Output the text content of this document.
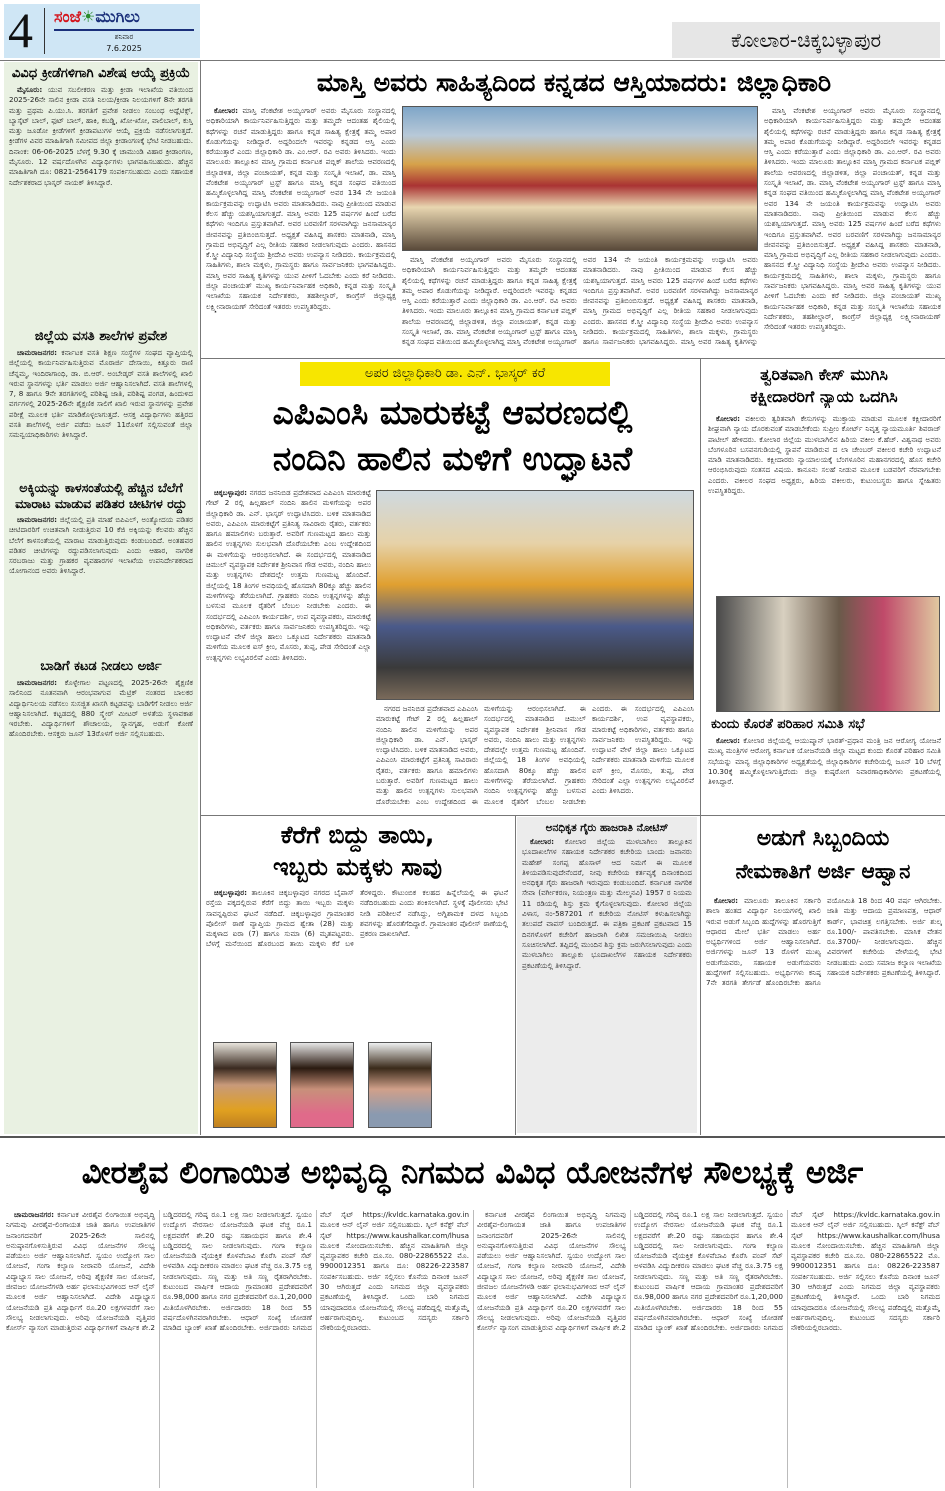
4	ಸಂಜೆ☀ಮುಗಿಲು
ಶನಿವಾರ
7.6.2025	ಕೋಲಾರ-ಚಿಕ್ಕಬಳ್ಳಾಪುರ
ವಿವಿಧ ಕ್ರೀಡೆಗಳಿಗಾಗಿ ವಿಶೇಷ ಆಯ್ಕೆ ಪ್ರಕ್ರಿಯೆ

ಮೈಸೂರು: ಯುವ ಸಬಲೀಕರಣ ಮತ್ತು ಕ್ರೀಡಾ ಇಲಾಖೆಯ ವತಿಯಿಂದ 2025-26ನೇ ಸಾಲಿನ ಕ್ರೀಡಾ ವಸತಿ ನಿಲಯ/ಕ್ರೀಡಾ ನಿಲಯಗಳಿಗೆ 8ನೇ ತರಗತಿ ಮತ್ತು ಪ್ರಥಮ ಪಿ.ಯು.ಸಿ. ತರಗತಿಗೆ ಪ್ರವೇಶ ನೀಡಲು ಸಂಬಂಧ ಅಥ್ಲೆಟಿಕ್ಸ್, ಬ್ಯಾಸ್ಕೆಟ್ ಬಾಲ್, ಫುಟ್ ಬಾಲ್, ಹಾಕಿ, ಕಬಡ್ಡಿ, ಖೋ-ಖೋ, ವಾಲಿಬಾಲ್, ಕುಸ್ತಿ ಮತ್ತು ಜೂಡೋ ಕ್ರೀಡೆಗಳಿಗೆ ಕ್ರೀಡಾಪಟುಗಳ ಆಯ್ಕೆ ಪ್ರಕ್ರಿಯೆ ನಡೆಸಲಾಗುತ್ತದೆ. ಕ್ರೀಡೆಗಳ ವಿವರ ಮಾಹಿತಿಗಾಗಿ ಸಮೀಪದ ಜಿಲ್ಲಾ ಕ್ರೀಡಾಂಗಣಕ್ಕೆ ಭೇಟಿ ನೀಡಬಹುದು. ದಿನಾಂಕ: 06-06-2025 ಬೆಳಗ್ಗೆ 9.30 ಕ್ಕೆ ಚಾಮುಂಡಿ ವಿಹಾರ ಕ್ರೀಡಾಂಗಣ, ಮೈಸೂರು. 12 ವರ್ಷದೊಳಗಿನ ವಿದ್ಯಾರ್ಥಿಗಳು ಭಾಗವಹಿಸಬಹುದು. ಹೆಚ್ಚಿನ ಮಾಹಿತಿಗಾಗಿ ದೂ: 0821-2564179 ಸಂಪರ್ಕಿಸಬಹುದು ಎಂದು ಸಹಾಯಕ ನಿರ್ದೇಶಕರಾದ ಭಾಸ್ಕರ್ ನಾಯಕ್ ತಿಳಿಸಿದ್ದಾರೆ.

ಜಿಲ್ಲೆಯ ವಸತಿ ಶಾಲೆಗಳ ಪ್ರವೇಶ

ಚಾಮರಾಜನಗರ: ಕರ್ನಾಟಕ ವಸತಿ ಶಿಕ್ಷಣ ಸಂಸ್ಥೆಗಳ ಸಂಘದ ವ್ಯಾಪ್ತಿಯಲ್ಲಿ ಜಿಲ್ಲೆಯಲ್ಲಿ ಕಾರ್ಯನಿರ್ವಹಿಸುತ್ತಿರುವ ಮೊರಾರ್ಜಿ ದೇಸಾಯಿ, ಕಿತ್ತೂರು ರಾಣಿ ಚೆನ್ನಮ್ಮ, ಇಂದಿರಾಗಾಂಧಿ, ಡಾ. ಬಿ.ಆರ್. ಅಂಬೇಡ್ಕರ್ ವಸತಿ ಶಾಲೆಗಳಲ್ಲಿ ಖಾಲಿ ಇರುವ ಸ್ಥಾನಗಳನ್ನು ಭರ್ತಿ ಮಾಡಲು ಅರ್ಜಿ ಆಹ್ವಾನಿಸಲಾಗಿದೆ. ವಸತಿ ಶಾಲೆಗಳಲ್ಲಿ 7, 8 ಹಾಗೂ 9ನೇ ತರಗತಿಗಳಲ್ಲಿ ಪರಿಶಿಷ್ಟ ಜಾತಿ, ಪರಿಶಿಷ್ಟ ಪಂಗಡ, ಹಿಂದುಳಿದ ವರ್ಗಗಳಲ್ಲಿ 2025-26ನೇ ಶೈಕ್ಷಣಿಕ ಸಾಲಿಗೆ ಖಾಲಿ ಇರುವ ಸ್ಥಾನಗಳನ್ನು ಪ್ರವೇಶ ಪರೀಕ್ಷೆ ಮೂಲಕ ಭರ್ತಿ ಮಾಡಿಕೊಳ್ಳಲಾಗುತ್ತದೆ. ಆಸಕ್ತ ವಿದ್ಯಾರ್ಥಿಗಳು ಹತ್ತಿರದ ವಸತಿ ಶಾಲೆಗಳಲ್ಲಿ ಅರ್ಜಿ ಪಡೆದು ಜೂನ್ 11ರೊಳಗೆ ಸಲ್ಲಿಸುವಂತೆ ಜಿಲ್ಲಾ ಸಮನ್ವಯಾಧಿಕಾರಿಗಳು ತಿಳಿಸಿದ್ದಾರೆ.

ಅಕ್ಕಿಯನ್ನು ಕಾಳಸಂತೆಯಲ್ಲಿ ಹೆಚ್ಚಿನ ಬೆಲೆಗೆ ಮಾರಾಟ ಮಾಡುವ ಪಡಿತರ ಚೀಟಿಗಳ ರದ್ದು

ಚಾಮರಾಜನಗರ: ಜಿಲ್ಲೆಯಲ್ಲಿ ಪ್ರತಿ ಮಾಹೆ ಬಿಪಿಎಲ್, ಅಂತ್ಯೋದಯ ಪಡಿತರ ಚೀಟಿದಾರರಿಗೆ ಉಚಿತವಾಗಿ ನೀಡುತ್ತಿರುವ 10 ಕೆಜಿ ಅಕ್ಕಿಯನ್ನು ಕೆಲವರು ಹೆಚ್ಚಿನ ಬೆಲೆಗೆ ಕಾಳಸಂತೆಯಲ್ಲಿ ಮಾರಾಟ ಮಾಡುತ್ತಿರುವುದು ಕಂಡುಬಂದಿದೆ. ಅಂತಹವರ ಪಡಿತರ ಚೀಟಿಗಳನ್ನು ರದ್ದುಪಡಿಸಲಾಗುವುದು ಎಂದು ಆಹಾರ, ನಾಗರಿಕ ಸರಬರಾಜು ಮತ್ತು ಗ್ರಾಹಕರ ವ್ಯವಹಾರಗಳ ಇಲಾಖೆಯ ಉಪನಿರ್ದೇಶಕರಾದ ಯೋಗಾನಂದ ಅವರು ತಿಳಿಸಿದ್ದಾರೆ.

ಬಾಡಿಗೆ ಕಟಡ ನೀಡಲು ಅರ್ಜಿ

ಚಾಮರಾಜನಗರ: ಕೊಳ್ಳೇಗಾಲ ಪಟ್ಟಣದಲ್ಲಿ 2025-26ನೇ ಶೈಕ್ಷಣಿಕ ಸಾಲಿನಿಂದ ನೂತನವಾಗಿ ಆರಂಭವಾಗುವ ಮೆಟ್ರಿಕ್ ನಂತರದ ಬಾಲಕರ ವಿದ್ಯಾರ್ಥಿನಿಲಯ ನಡೆಸಲು ಸುಸಜ್ಜಿತ ಖಾಸಗಿ ಕಟ್ಟಡವನ್ನು ಬಾಡಿಗೆಗೆ ನೀಡಲು ಅರ್ಜಿ ಆಹ್ವಾನಿಸಲಾಗಿದೆ. ಕಟ್ಟಡದಲ್ಲಿ 880 ಸ್ಕ್ವೇರ್ ಮೀಟರ್ ಅಳತೆಯ ಸ್ಥಳಾವಕಾಶ ಇರಬೇಕು. ವಿದ್ಯಾರ್ಥಿಗಳಿಗೆ ಶೌಚಾಲಯ, ಸ್ನಾನಗೃಹ, ಅಡುಗೆ ಕೋಣೆ ಹೊಂದಿರಬೇಕು. ಆಸಕ್ತರು ಜೂನ್ 13ರೊಳಗೆ ಅರ್ಜಿ ಸಲ್ಲಿಸಬಹುದು.

ಮಾಸ್ತಿ ಅವರು ಸಾಹಿತ್ಯದಿಂದ ಕನ್ನಡದ ಆಸ್ತಿಯಾದರು: ಜಿಲ್ಲಾಧಿಕಾರಿ

ಕೋಲಾರ: ಮಾಸ್ತಿ ವೆಂಕಟೇಶ ಅಯ್ಯಂಗಾರ್ ಅವರು ಮೈಸೂರು ಸಂಸ್ಥಾನದಲ್ಲಿ ಅಧಿಕಾರಿಯಾಗಿ ಕಾರ್ಯನಿರ್ವಹಿಸುತ್ತಿದ್ದರು ಮತ್ತು ತಮ್ಮದೇ ಆದಂತಹ ಶೈಲಿಯಲ್ಲಿ ಕಥೆಗಳನ್ನು ರಚನೆ ಮಾಡುತ್ತಿದ್ದರು ಹಾಗೂ ಕನ್ನಡ ಸಾಹಿತ್ಯ ಕ್ಷೇತ್ರಕ್ಕೆ ತಮ್ಮ ಅಪಾರ ಕೊಡುಗೆಯನ್ನು ನೀಡಿದ್ದಾರೆ. ಅದ್ದರಿಂದಲೇ ಇವರನ್ನು ಕನ್ನಡದ ಆಸ್ತಿ ಎಂದು ಕರೆಯುತ್ತಾರೆ ಎಂದು ಜಿಲ್ಲಾಧಿಕಾರಿ ಡಾ. ಎಂ.ಆರ್. ರವಿ ಅವರು ತಿಳಿಸಿದರು. ಇಂದು ಮಾಲೂರು ತಾಲ್ಲೂಕಿನ ಮಾಸ್ತಿ ಗ್ರಾಮದ ಕರ್ನಾಟಕ ಪಬ್ಲಿಕ್ ಶಾಲೆಯ ಆವರಣದಲ್ಲಿ ಜಿಲ್ಲಾಡಳಿತ, ಜಿಲ್ಲಾ ಪಂಚಾಯತ್, ಕನ್ನಡ ಮತ್ತು ಸಂಸ್ಕೃತಿ ಇಲಾಖೆ, ಡಾ. ಮಾಸ್ತಿ ವೆಂಕಟೇಶ ಅಯ್ಯಂಗಾರ್ ಟ್ರಸ್ಟ್ ಹಾಗೂ ಮಾಸ್ತಿ ಕನ್ನಡ ಸಂಘದ ವತಿಯಿಂದ ಹಮ್ಮಿಕೊಳ್ಳಲಾಗಿದ್ದ ಮಾಸ್ತಿ ವೆಂಕಟೇಶ ಅಯ್ಯಂಗಾರ್ ಅವರ 134 ನೇ ಜಯಂತಿ ಕಾರ್ಯಕ್ರಮವನ್ನು ಉದ್ಘಾಟಿಸಿ ಅವರು ಮಾತನಾಡಿದರು. ನಾವು ಪ್ರೀತಿಯಿಂದ ಮಾಡುವ ಕೆಲಸ ಹೆಚ್ಚು ಯಶಸ್ವಿಯಾಗುತ್ತದೆ. ಮಾಸ್ತಿ ಅವರು 125 ವರ್ಷಗಳ ಹಿಂದೆ ಬರೆದ ಕಥೆಗಳು ಇಂದಿಗೂ ಪ್ರಸ್ತುತವಾಗಿವೆ. ಅವರ ಬರವಣಿಗೆ ಸರಳವಾಗಿದ್ದು ಜನಸಾಮಾನ್ಯರ ಜೀವನವನ್ನು ಪ್ರತಿಬಿಂಬಿಸುತ್ತದೆ. ಅಧ್ಯಕ್ಷತೆ ವಹಿಸಿದ್ದ ಶಾಸಕರು ಮಾತನಾಡಿ, ಮಾಸ್ತಿ ಗ್ರಾಮದ ಅಭಿವೃದ್ಧಿಗೆ ಎಲ್ಲ ರೀತಿಯ ಸಹಕಾರ ನೀಡಲಾಗುವುದು ಎಂದರು. ಹಾಸನದ ಕೆ.ಸ್ತ್ರೀ ವಿದ್ಯಾನಿಧಿ ಸಂಸ್ಥೆಯ ಶ್ರೀದೇವಿ ಅವರು ಉಪನ್ಯಾಸ ನೀಡಿದರು. ಕಾರ್ಯಕ್ರಮದಲ್ಲಿ ಸಾಹಿತಿಗಳು, ಶಾಲಾ ಮಕ್ಕಳು, ಗ್ರಾಮಸ್ಥರು ಹಾಗೂ ಸಾರ್ವಜನಿಕರು ಭಾಗವಹಿಸಿದ್ದರು. ಮಾಸ್ತಿ ಅವರ ಸಾಹಿತ್ಯ ಕೃತಿಗಳನ್ನು ಯುವ ಪೀಳಿಗೆ ಓದಬೇಕು ಎಂದು ಕರೆ ನೀಡಿದರು. ಜಿಲ್ಲಾ ಪಂಚಾಯತ್ ಮುಖ್ಯ ಕಾರ್ಯನಿರ್ವಾಹಕ ಅಧಿಕಾರಿ, ಕನ್ನಡ ಮತ್ತು ಸಂಸ್ಕೃತಿ ಇಲಾಖೆಯ ಸಹಾಯಕ ನಿರ್ದೇಶಕರು, ತಹಶೀಲ್ದಾರ್, ಕಾಂಗ್ರೆಸ್ ಜಿಲ್ಲಾಧ್ಯಕ್ಷ ಲಕ್ಷ್ಮೀನಾರಾಯಣ್ ಸೇರಿದಂತೆ ಇತರರು ಉಪಸ್ಥಿತರಿದ್ದರು.

ಮಾಸ್ತಿ ವೆಂಕಟೇಶ ಅಯ್ಯಂಗಾರ್ ಅವರು ಮೈಸೂರು ಸಂಸ್ಥಾನದಲ್ಲಿ ಅಧಿಕಾರಿಯಾಗಿ ಕಾರ್ಯನಿರ್ವಹಿಸುತ್ತಿದ್ದರು ಮತ್ತು ತಮ್ಮದೇ ಆದಂತಹ ಶೈಲಿಯಲ್ಲಿ ಕಥೆಗಳನ್ನು ರಚನೆ ಮಾಡುತ್ತಿದ್ದರು ಹಾಗೂ ಕನ್ನಡ ಸಾಹಿತ್ಯ ಕ್ಷೇತ್ರಕ್ಕೆ ತಮ್ಮ ಅಪಾರ ಕೊಡುಗೆಯನ್ನು ನೀಡಿದ್ದಾರೆ. ಅದ್ದರಿಂದಲೇ ಇವರನ್ನು ಕನ್ನಡದ ಆಸ್ತಿ ಎಂದು ಕರೆಯುತ್ತಾರೆ ಎಂದು ಜಿಲ್ಲಾಧಿಕಾರಿ ಡಾ. ಎಂ.ಆರ್. ರವಿ ಅವರು ತಿಳಿಸಿದರು. ಇಂದು ಮಾಲೂರು ತಾಲ್ಲೂಕಿನ ಮಾಸ್ತಿ ಗ್ರಾಮದ ಕರ್ನಾಟಕ ಪಬ್ಲಿಕ್ ಶಾಲೆಯ ಆವರಣದಲ್ಲಿ ಜಿಲ್ಲಾಡಳಿತ, ಜಿಲ್ಲಾ ಪಂಚಾಯತ್, ಕನ್ನಡ ಮತ್ತು ಸಂಸ್ಕೃತಿ ಇಲಾಖೆ, ಡಾ. ಮಾಸ್ತಿ ವೆಂಕಟೇಶ ಅಯ್ಯಂಗಾರ್ ಟ್ರಸ್ಟ್ ಹಾಗೂ ಮಾಸ್ತಿ ಕನ್ನಡ ಸಂಘದ ವತಿಯಿಂದ ಹಮ್ಮಿಕೊಳ್ಳಲಾಗಿದ್ದ ಮಾಸ್ತಿ ವೆಂಕಟೇಶ ಅಯ್ಯಂಗಾರ್ ಅವರ 134 ನೇ ಜಯಂತಿ ಕಾರ್ಯಕ್ರಮವನ್ನು ಉದ್ಘಾಟಿಸಿ ಅವರು ಮಾತನಾಡಿದರು. ನಾವು ಪ್ರೀತಿಯಿಂದ ಮಾಡುವ ಕೆಲಸ ಹೆಚ್ಚು ಯಶಸ್ವಿಯಾಗುತ್ತದೆ. ಮಾಸ್ತಿ ಅವರು 125 ವರ್ಷಗಳ ಹಿಂದೆ ಬರೆದ ಕಥೆಗಳು ಇಂದಿಗೂ ಪ್ರಸ್ತುತವಾಗಿವೆ. ಅವರ ಬರವಣಿಗೆ ಸರಳವಾಗಿದ್ದು ಜನಸಾಮಾನ್ಯರ ಜೀವನವನ್ನು ಪ್ರತಿಬಿಂಬಿಸುತ್ತದೆ. ಅಧ್ಯಕ್ಷತೆ ವಹಿಸಿದ್ದ ಶಾಸಕರು ಮಾತನಾಡಿ, ಮಾಸ್ತಿ ಗ್ರಾಮದ ಅಭಿವೃದ್ಧಿಗೆ ಎಲ್ಲ ರೀತಿಯ ಸಹಕಾರ ನೀಡಲಾಗುವುದು ಎಂದರು. ಹಾಸನದ ಕೆ.ಸ್ತ್ರೀ ವಿದ್ಯಾನಿಧಿ ಸಂಸ್ಥೆಯ ಶ್ರೀದೇವಿ ಅವರು ಉಪನ್ಯಾಸ ನೀಡಿದರು. ಕಾರ್ಯಕ್ರಮದಲ್ಲಿ ಸಾಹಿತಿಗಳು, ಶಾಲಾ ಮಕ್ಕಳು, ಗ್ರಾಮಸ್ಥರು ಹಾಗೂ ಸಾರ್ವಜನಿಕರು ಭಾಗವಹಿಸಿದ್ದರು. ಮಾಸ್ತಿ ಅವರ ಸಾಹಿತ್ಯ ಕೃತಿಗಳನ್ನು

ಮಾಸ್ತಿ ವೆಂಕಟೇಶ ಅಯ್ಯಂಗಾರ್ ಅವರು ಮೈಸೂರು ಸಂಸ್ಥಾನದಲ್ಲಿ ಅಧಿಕಾರಿಯಾಗಿ ಕಾರ್ಯನಿರ್ವಹಿಸುತ್ತಿದ್ದರು ಮತ್ತು ತಮ್ಮದೇ ಆದಂತಹ ಶೈಲಿಯಲ್ಲಿ ಕಥೆಗಳನ್ನು ರಚನೆ ಮಾಡುತ್ತಿದ್ದರು ಹಾಗೂ ಕನ್ನಡ ಸಾಹಿತ್ಯ ಕ್ಷೇತ್ರಕ್ಕೆ ತಮ್ಮ ಅಪಾರ ಕೊಡುಗೆಯನ್ನು ನೀಡಿದ್ದಾರೆ. ಅದ್ದರಿಂದಲೇ ಇವರನ್ನು ಕನ್ನಡದ ಆಸ್ತಿ ಎಂದು ಕರೆಯುತ್ತಾರೆ ಎಂದು ಜಿಲ್ಲಾಧಿಕಾರಿ ಡಾ. ಎಂ.ಆರ್. ರವಿ ಅವರು ತಿಳಿಸಿದರು. ಇಂದು ಮಾಲೂರು ತಾಲ್ಲೂಕಿನ ಮಾಸ್ತಿ ಗ್ರಾಮದ ಕರ್ನಾಟಕ ಪಬ್ಲಿಕ್ ಶಾಲೆಯ ಆವರಣದಲ್ಲಿ ಜಿಲ್ಲಾಡಳಿತ, ಜಿಲ್ಲಾ ಪಂಚಾಯತ್, ಕನ್ನಡ ಮತ್ತು ಸಂಸ್ಕೃತಿ ಇಲಾಖೆ, ಡಾ. ಮಾಸ್ತಿ ವೆಂಕಟೇಶ ಅಯ್ಯಂಗಾರ್ ಟ್ರಸ್ಟ್ ಹಾಗೂ ಮಾಸ್ತಿ ಕನ್ನಡ ಸಂಘದ ವತಿಯಿಂದ ಹಮ್ಮಿಕೊಳ್ಳಲಾಗಿದ್ದ ಮಾಸ್ತಿ ವೆಂಕಟೇಶ ಅಯ್ಯಂಗಾರ್ ಅವರ 134 ನೇ ಜಯಂತಿ ಕಾರ್ಯಕ್ರಮವನ್ನು ಉದ್ಘಾಟಿಸಿ ಅವರು ಮಾತನಾಡಿದರು. ನಾವು ಪ್ರೀತಿಯಿಂದ ಮಾಡುವ ಕೆಲಸ ಹೆಚ್ಚು ಯಶಸ್ವಿಯಾಗುತ್ತದೆ. ಮಾಸ್ತಿ ಅವರು 125 ವರ್ಷಗಳ ಹಿಂದೆ ಬರೆದ ಕಥೆಗಳು ಇಂದಿಗೂ ಪ್ರಸ್ತುತವಾಗಿವೆ. ಅವರ ಬರವಣಿಗೆ ಸರಳವಾಗಿದ್ದು ಜನಸಾಮಾನ್ಯರ ಜೀವನವನ್ನು ಪ್ರತಿಬಿಂಬಿಸುತ್ತದೆ. ಅಧ್ಯಕ್ಷತೆ ವಹಿಸಿದ್ದ ಶಾಸಕರು ಮಾತನಾಡಿ, ಮಾಸ್ತಿ ಗ್ರಾಮದ ಅಭಿವೃದ್ಧಿಗೆ ಎಲ್ಲ ರೀತಿಯ ಸಹಕಾರ ನೀಡಲಾಗುವುದು ಎಂದರು. ಹಾಸನದ ಕೆ.ಸ್ತ್ರೀ ವಿದ್ಯಾನಿಧಿ ಸಂಸ್ಥೆಯ ಶ್ರೀದೇವಿ ಅವರು ಉಪನ್ಯಾಸ ನೀಡಿದರು. ಕಾರ್ಯಕ್ರಮದಲ್ಲಿ ಸಾಹಿತಿಗಳು, ಶಾಲಾ ಮಕ್ಕಳು, ಗ್ರಾಮಸ್ಥರು ಹಾಗೂ ಸಾರ್ವಜನಿಕರು ಭಾಗವಹಿಸಿದ್ದರು. ಮಾಸ್ತಿ ಅವರ ಸಾಹಿತ್ಯ ಕೃತಿಗಳನ್ನು ಯುವ ಪೀಳಿಗೆ ಓದಬೇಕು ಎಂದು ಕರೆ ನೀಡಿದರು. ಜಿಲ್ಲಾ ಪಂಚಾಯತ್ ಮುಖ್ಯ ಕಾರ್ಯನಿರ್ವಾಹಕ ಅಧಿಕಾರಿ, ಕನ್ನಡ ಮತ್ತು ಸಂಸ್ಕೃತಿ ಇಲಾಖೆಯ ಸಹಾಯಕ ನಿರ್ದೇಶಕರು, ತಹಶೀಲ್ದಾರ್, ಕಾಂಗ್ರೆಸ್ ಜಿಲ್ಲಾಧ್ಯಕ್ಷ ಲಕ್ಷ್ಮೀನಾರಾಯಣ್ ಸೇರಿದಂತೆ ಇತರರು ಉಪಸ್ಥಿತರಿದ್ದರು.

ಅಪರ ಜಿಲ್ಲಾಧಿಕಾರಿ ಡಾ. ಎನ್. ಭಾಸ್ಕರ್ ಕರೆ
ಎಪಿಎಂಸಿ ಮಾರುಕಟ್ಟೆ ಆವರಣದಲ್ಲಿ
ನಂದಿನಿ ಹಾಲಿನ ಮಳಿಗೆ ಉದ್ಘಾಟನೆ

ಚಿಕ್ಕಬಳ್ಳಾಪುರ: ನಗರದ ಜನನಿಬಿಡ ಪ್ರದೇಶವಾದ ಎಪಿಎಂಸಿ ಮಾರುಕಟ್ಟೆ ಗೇಟ್ 2 ರಲ್ಲಿ ಹಿಲ್ಲಹಾಲ್ ನಂದಿನಿ ಹಾಲಿನ ಮಳಿಗೆಯನ್ನು ಅಪರ ಜಿಲ್ಲಾಧಿಕಾರಿ ಡಾ. ಎನ್. ಭಾಸ್ಕರ್ ಉದ್ಘಾಟಿಸಿದರು. ಬಳಿಕ ಮಾತನಾಡಿದ ಅವರು, ಎಪಿಎಂಸಿ ಮಾರುಕಟ್ಟೆಗೆ ಪ್ರತಿನಿತ್ಯ ಸಾವಿರಾರು ರೈತರು, ವರ್ತಕರು ಹಾಗೂ ಹಮಾಲಿಗಳು ಬರುತ್ತಾರೆ. ಅವರಿಗೆ ಗುಣಮಟ್ಟದ ಹಾಲು ಮತ್ತು ಹಾಲಿನ ಉತ್ಪನ್ನಗಳು ಸುಲಭವಾಗಿ ದೊರೆಯಬೇಕು ಎಂಬ ಉದ್ದೇಶದಿಂದ ಈ ಮಳಿಗೆಯನ್ನು ಆರಂಭಿಸಲಾಗಿದೆ. ಈ ಸಂದರ್ಭದಲ್ಲಿ ಮಾತನಾಡಿದ ಚಿಮುಲ್ ವ್ಯವಸ್ಥಾಪಕ ನಿರ್ದೇಶಕ ಶ್ರೀನಿವಾಸ ಗೌಡ ಅವರು, ನಂದಿನಿ ಹಾಲು ಮತ್ತು ಉತ್ಪನ್ನಗಳು ದೇಶದಲ್ಲೇ ಉತ್ತಮ ಗುಣಮಟ್ಟ ಹೊಂದಿವೆ. ಜಿಲ್ಲೆಯಲ್ಲಿ 18 ತಿಂಗಳ ಅವಧಿಯಲ್ಲಿ ಹೊಸದಾಗಿ 80ಕ್ಕೂ ಹೆಚ್ಚು ಹಾಲಿನ ಮಳಿಗೆಗಳನ್ನು ತೆರೆಯಲಾಗಿದೆ. ಗ್ರಾಹಕರು ನಂದಿನಿ ಉತ್ಪನ್ನಗಳನ್ನು ಹೆಚ್ಚು ಬಳಸುವ ಮೂಲಕ ರೈತರಿಗೆ ಬೆಂಬಲ ನೀಡಬೇಕು ಎಂದರು. ಈ ಸಂದರ್ಭದಲ್ಲಿ ಎಪಿಎಂಸಿ ಕಾರ್ಯದರ್ಶಿ, ಉಪ ವ್ಯವಸ್ಥಾಪಕರು, ಮಾರುಕಟ್ಟೆ ಅಧಿಕಾರಿಗಳು, ವರ್ತಕರು ಹಾಗೂ ಸಾರ್ವಜನಿಕರು ಉಪಸ್ಥಿತರಿದ್ದರು. ಇನ್ನು ಉದ್ಘಾಟನೆ ವೇಳೆ ಜಿಲ್ಲಾ ಹಾಲು ಒಕ್ಕೂಟದ ನಿರ್ದೇಶಕರು ಮಾತನಾಡಿ ಮಳಿಗೆಯ ಮೂಲಕ ಐಸ್ ಕ್ರೀಂ, ಮೊಸರು, ತುಪ್ಪ, ಪೇಡ ಸೇರಿದಂತೆ ಎಲ್ಲಾ ಉತ್ಪನ್ನಗಳು ಲಭ್ಯವಿರಲಿವೆ ಎಂದು ತಿಳಿಸಿದರು.

ನಗರದ ಜನನಿಬಿಡ ಪ್ರದೇಶವಾದ ಎಪಿಎಂಸಿ ಮಾರುಕಟ್ಟೆ ಗೇಟ್ 2 ರಲ್ಲಿ ಹಿಲ್ಲಹಾಲ್ ನಂದಿನಿ ಹಾಲಿನ ಮಳಿಗೆಯನ್ನು ಅಪರ ಜಿಲ್ಲಾಧಿಕಾರಿ ಡಾ. ಎನ್. ಭಾಸ್ಕರ್ ಉದ್ಘಾಟಿಸಿದರು. ಬಳಿಕ ಮಾತನಾಡಿದ ಅವರು, ಎಪಿಎಂಸಿ ಮಾರುಕಟ್ಟೆಗೆ ಪ್ರತಿನಿತ್ಯ ಸಾವಿರಾರು ರೈತರು, ವರ್ತಕರು ಹಾಗೂ ಹಮಾಲಿಗಳು ಬರುತ್ತಾರೆ. ಅವರಿಗೆ ಗುಣಮಟ್ಟದ ಹಾಲು ಮತ್ತು ಹಾಲಿನ ಉತ್ಪನ್ನಗಳು ಸುಲಭವಾಗಿ ದೊರೆಯಬೇಕು ಎಂಬ ಉದ್ದೇಶದಿಂದ ಈ ಮಳಿಗೆಯನ್ನು ಆರಂಭಿಸಲಾಗಿದೆ. ಈ ಸಂದರ್ಭದಲ್ಲಿ ಮಾತನಾಡಿದ ಚಿಮುಲ್ ವ್ಯವಸ್ಥಾಪಕ ನಿರ್ದೇಶಕ ಶ್ರೀನಿವಾಸ ಗೌಡ ಅವರು, ನಂದಿನಿ ಹಾಲು ಮತ್ತು ಉತ್ಪನ್ನಗಳು ದೇಶದಲ್ಲೇ ಉತ್ತಮ ಗುಣಮಟ್ಟ ಹೊಂದಿವೆ. ಜಿಲ್ಲೆಯಲ್ಲಿ 18 ತಿಂಗಳ ಅವಧಿಯಲ್ಲಿ ಹೊಸದಾಗಿ 80ಕ್ಕೂ ಹೆಚ್ಚು ಹಾಲಿನ ಮಳಿಗೆಗಳನ್ನು ತೆರೆಯಲಾಗಿದೆ. ಗ್ರಾಹಕರು ನಂದಿನಿ ಉತ್ಪನ್ನಗಳನ್ನು ಹೆಚ್ಚು ಬಳಸುವ ಮೂಲಕ ರೈತರಿಗೆ ಬೆಂಬಲ ನೀಡಬೇಕು ಎಂದರು. ಈ ಸಂದರ್ಭದಲ್ಲಿ ಎಪಿಎಂಸಿ ಕಾರ್ಯದರ್ಶಿ, ಉಪ ವ್ಯವಸ್ಥಾಪಕರು, ಮಾರುಕಟ್ಟೆ ಅಧಿಕಾರಿಗಳು, ವರ್ತಕರು ಹಾಗೂ ಸಾರ್ವಜನಿಕರು ಉಪಸ್ಥಿತರಿದ್ದರು. ಇನ್ನು ಉದ್ಘಾಟನೆ ವೇಳೆ ಜಿಲ್ಲಾ ಹಾಲು ಒಕ್ಕೂಟದ ನಿರ್ದೇಶಕರು ಮಾತನಾಡಿ ಮಳಿಗೆಯ ಮೂಲಕ ಐಸ್ ಕ್ರೀಂ, ಮೊಸರು, ತುಪ್ಪ, ಪೇಡ ಸೇರಿದಂತೆ ಎಲ್ಲಾ ಉತ್ಪನ್ನಗಳು ಲಭ್ಯವಿರಲಿವೆ ಎಂದು ತಿಳಿಸಿದರು.

ತ್ವರಿತವಾಗಿ ಕೇಸ್ ಮುಗಿಸಿ
ಕಕ್ಷೀದಾರರಿಗೆ ನ್ಯಾಯ ಒದಗಿಸಿ

ಕೋಲಾರ: ವಕೀಲರು ತ್ವರಿತವಾಗಿ ಕೇಸುಗಳನ್ನು ಮುಕ್ತಾಯ ಮಾಡುವ ಮೂಲಕ ಕಕ್ಷೀದಾರರಿಗೆ ಶೀಘ್ರವಾಗಿ ನ್ಯಾಯ ದೊರಕುವಂತೆ ಮಾಡಬೇಕೆಂದು ಸುಪ್ರೀಂ ಕೋರ್ಟ್ ನಿವೃತ್ತ ನ್ಯಾಯಮೂರ್ತಿ ಶಿವರಾಜ್ ಪಾಟೀಲ್ ಹೇಳಿದರು. ಕೋಲಾರ ಜಿಲ್ಲೆಯ ಮುಳಬಾಗಿಲಿನ ಹಿರಿಯ ವಕೀಲ ಕೆ.ಹೆಚ್. ವಿಶ್ವನಾಥ ಅವರು ಬೆಂಗಳೂರಿನ ಬಸವನಗುಡಿಯಲ್ಲಿ ಸ್ಥಾಪನೆ ಮಾಡಿರುವ ದ ಲಾ ಚೇಂಬರ್ ವಕೀಲರ ಕಚೇರಿ ಉದ್ಘಾಟನೆ ಮಾಡಿ ಮಾತನಾಡಿದರು. ಕಕ್ಷೀದಾರರು ನ್ಯಾಯಾಲಯಕ್ಕೆ ಬೆಂಗಳೂರಿನ ಮಹಾನಗರದಲ್ಲಿ ಹೊಸ ಕಚೇರಿ ಆರಂಭಿಸಿರುವುದು ಸಂತಸದ ವಿಷಯ. ಕಾನೂನು ಸಲಹೆ ನೀಡುವ ಮೂಲಕ ಬಡವರಿಗೆ ನೆರವಾಗಬೇಕು ಎಂದರು. ವಕೀಲರ ಸಂಘದ ಅಧ್ಯಕ್ಷರು, ಹಿರಿಯ ವಕೀಲರು, ಕುಟುಂಬಸ್ಥರು ಹಾಗೂ ಸ್ನೇಹಿತರು ಉಪಸ್ಥಿತರಿದ್ದರು.

ಕುಂದು ಕೊರತೆ ಪರಿಹಾರ ಸಮಿತಿ ಸಭೆ

ಕೋಲಾರ: ಕೋಲಾರ ಜಿಲ್ಲೆಯಲ್ಲಿ ಆಯುಷ್ಮಾನ್ ಭಾರತ್-ಪ್ರಧಾನ ಮಂತ್ರಿ ಜನ ಆರೋಗ್ಯ ಯೋಜನೆ ಮುಖ್ಯ ಮಂತ್ರಿಗಳ ಆರೋಗ್ಯ ಕರ್ನಾಟಕ ಯೋಜನೆಯಡಿ ಜಿಲ್ಲಾ ಮಟ್ಟದ ಕುಂದು ಕೊರತೆ ಪರಿಹಾರ ಸಮಿತಿ ಸಭೆಯನ್ನು ಮಾನ್ಯ ಜಿಲ್ಲಾಧಿಕಾರಿಗಳ ಅಧ್ಯಕ್ಷತೆಯಲ್ಲಿ ಜಿಲ್ಲಾಧಿಕಾರಿಗಳ ಕಚೇರಿಯಲ್ಲಿ ಜೂನ್ 10 ಬೆಳಗ್ಗೆ 10.30ಕ್ಕೆ ಹಮ್ಮಿಕೊಳ್ಳಲಾಗುತ್ತಿದೆಂದು ಜಿಲ್ಲಾ ಕುಷ್ಠರೋಗ ನಿವಾರಣಾಧಿಕಾರಿಗಳು ಪ್ರಕಟಣೆಯಲ್ಲಿ ತಿಳಿಸಿದ್ದಾರೆ.

ಕೆರೆಗೆ ಬಿದ್ದು ತಾಯಿ,
ಇಬ್ಬರು ಮಕ್ಕಳು ಸಾವು

ಚಿಕ್ಕಬಳ್ಳಾಪುರ: ತಾಲೂಕಿನ ಚಿಕ್ಕಬಳ್ಳಾಪುರ ನಗರದ ಬೈಪಾಸ್ ರಸ್ತೆಯ ಪಕ್ಕದಲ್ಲಿರುವ ಕೆರೆಗೆ ಬಿದ್ದು ತಾಯಿ ಇಬ್ಬರು ಮಕ್ಕಳು ಸಾವನ್ನಪ್ಪಿರುವ ಘಟನೆ ನಡೆದಿದೆ. ಚಿಕ್ಕಬಳ್ಳಾಪುರ ಗ್ರಾಮಾಂತರ ಪೊಲೀಸ್ ಠಾಣೆ ವ್ಯಾಪ್ತಿಯ ಗ್ರಾಮದ ಶ್ವೇತಾ (28) ಮತ್ತು ಮಕ್ಕಳಾದ ಐರಾ (7) ಹಾಗೂ ಸುಮಾ (6) ಮೃತಪಟ್ಟವರು. ಬೆಳಗ್ಗೆ ಮನೆಯಿಂದ ಹೊರಬಂದ ತಾಯಿ ಮಕ್ಕಳು ಕೆರೆ ಬಳಿ ತೆರಳಿದ್ದರು. ಕೌಟುಂಬಿಕ ಕಲಹದ ಹಿನ್ನೆಲೆಯಲ್ಲಿ ಈ ಘಟನೆ ನಡೆದಿರಬಹುದು ಎಂದು ಶಂಕಿಸಲಾಗಿದೆ. ಸ್ಥಳಕ್ಕೆ ಪೊಲೀಸರು ಭೇಟಿ ನೀಡಿ ಪರಿಶೀಲನೆ ನಡೆಸಿದ್ದು, ಅಗ್ನಿಶಾಮಕ ದಳದ ಸಿಬ್ಬಂದಿ ಶವಗಳನ್ನು ಹೊರತೆಗೆದಿದ್ದಾರೆ. ಗ್ರಾಮಾಂತರ ಪೊಲೀಸ್ ಠಾಣೆಯಲ್ಲಿ ಪ್ರಕರಣ ದಾಖಲಾಗಿದೆ.

ಅನಧಿಕೃತ ಗೈರು ಹಾಜರಾತಿ ನೋಟಿಸ್

ಕೋಲಾರ: ಕೋಲಾರ ಜಿಲ್ಲೆಯ ಮುಳಬಾಗಿಲು ತಾಲ್ಲೂಕಿನ ಭೂದಾಖಲೆಗಳ ಸಹಾಯಕ ನಿರ್ದೇಶಕರ ಕಚೇರಿಯ ಬಾಂದು ಜವಾನರು ಮಹೇಶ್ ಸಂಗಪ್ಪ ಹೊಸಾಳ್ ಆದ ನಿಮಗೆ ಈ ಮೂಲಕ ತಿಳಿಯಪಡಿಸುವುದೇನೆಂದರೆ, ನೀವು ಕಚೇರಿಯ ಕರ್ತವ್ಯಕ್ಕೆ ದಿನಾಂಕದಿಂದ ಅನಧಿಕೃತ ಗೈರು ಹಾಜರಾಗಿ ಇರುವುದು ಕಂಡುಬಂದಿದೆ. ಕರ್ನಾಟಕ ನಾಗರಿಕ ಸೇವಾ (ವರ್ಗೀಕರಣ, ನಿಯಂತ್ರಣ ಮತ್ತು ಮೇಲ್ಮನವಿ) 1957 ರ ನಿಯಮ 11 ರಡಿಯಲ್ಲಿ ಶಿಸ್ತು ಕ್ರಮ ಕೈಗೊಳ್ಳಲಾಗುವುದು. ಕೋಲಾರ ಜಿಲ್ಲೆಯ ವಿಳಾಸ, ನಂ-587201 ಗೆ ಕಚೇರಿಯ ನೋಟಿಸ್ ಕಳುಹಿಸಲಾಗಿದ್ದು ತಲುಪದೆ ವಾಪಸ್ ಬಂದಿರುತ್ತದೆ. ಈ ಪತ್ರಿಕಾ ಪ್ರಕಟಣೆ ಪ್ರಕಟವಾದ 15 ದಿನಗಳೊಳಗೆ ಕಚೇರಿಗೆ ಹಾಜರಾಗಿ ಲಿಖಿತ ಸಮಜಾಯಿಷಿ ನೀಡಲು ಸೂಚಿಸಲಾಗಿದೆ. ತಪ್ಪಿದಲ್ಲಿ ಮುಂದಿನ ಶಿಸ್ತು ಕ್ರಮ ಜರುಗಿಸಲಾಗುವುದು ಎಂದು ಮುಳಬಾಗಿಲು ತಾಲ್ಲೂಕು ಭೂದಾಖಲೆಗಳ ಸಹಾಯಕ ನಿರ್ದೇಶಕರು ಪ್ರಕಟಣೆಯಲ್ಲಿ ತಿಳಿಸಿದ್ದಾರೆ.

ಅಡುಗೆ ಸಿಬ್ಬಂದಿಯ
ನೇಮಕಾತಿಗೆ ಅರ್ಜಿ ಆಹ್ವಾನ

ಕೋಲಾರ: ಮಾಲೂರು ತಾಲೂಕಿನ ಸರ್ಕಾರಿ ಶಾಲಾ ಹಂತದ ವಿದ್ಯಾರ್ಥಿ ನಿಲಯಗಳಲ್ಲಿ ಖಾಲಿ ಇರುವ ಅಡುಗೆ ಸಿಬ್ಬಂದಿ ಹುದ್ದೆಗಳನ್ನು ಹೊರಗುತ್ತಿಗೆ ಆಧಾರದ ಮೇಲೆ ಭರ್ತಿ ಮಾಡಲು ಅರ್ಹ ಅಭ್ಯರ್ಥಿಗಳಿಂದ ಅರ್ಜಿ ಆಹ್ವಾನಿಸಲಾಗಿದೆ. ಅರ್ಜಿಗಳನ್ನು ಜೂನ್ 13 ರೊಳಗೆ ಮುಖ್ಯ ಅಡುಗೆಯವರು, ಸಹಾಯಕ ಅಡುಗೆಯವರು ಹುದ್ದೆಗಳಿಗೆ ಸಲ್ಲಿಸಬಹುದು. ಅಭ್ಯರ್ಥಿಗಳು ಕನಿಷ್ಠ 7ನೇ ತರಗತಿ ತೇರ್ಗಡೆ ಹೊಂದಿರಬೇಕು ಹಾಗೂ ವಯೋಮಿತಿ 18 ರಿಂದ 40 ವರ್ಷ ಆಗಿರಬೇಕು. ಜಾತಿ ಮತ್ತು ಆದಾಯ ಪ್ರಮಾಣಪತ್ರ, ಆಧಾರ್ ಕಾರ್ಡ್, ಭಾವಚಿತ್ರ ಲಗತ್ತಿಸಬೇಕು. ಅರ್ಜಿ ಶುಲ್ಕ ರೂ.100/- ಪಾವತಿಸಬೇಕು. ಮಾಸಿಕ ವೇತನ ರೂ.3700/- ನೀಡಲಾಗುವುದು. ಹೆಚ್ಚಿನ ವಿವರಗಳಿಗೆ ಕಚೇರಿಯ ವೇಳೆಯಲ್ಲಿ ಭೇಟಿ ನೀಡಬಹುದು ಎಂದು ಸಮಾಜ ಕಲ್ಯಾಣ ಇಲಾಖೆಯ ಸಹಾಯಕ ನಿರ್ದೇಶಕರು ಪ್ರಕಟಣೆಯಲ್ಲಿ ತಿಳಿಸಿದ್ದಾರೆ.

ವೀರಶೈವ ಲಿಂಗಾಯಿತ ಅಭಿವೃದ್ಧಿ ನಿಗಮದ ವಿವಿಧ ಯೋಜನೆಗಳ ಸೌಲಭ್ಯಕ್ಕೆ ಅರ್ಜಿ

ಚಾಮರಾಜನಗರ: ಕರ್ನಾಟಕ ವೀರಶೈವ ಲಿಂಗಾಯಿತ ಅಭಿವೃದ್ಧಿ ನಿಗಮವು ವೀರಶೈವ-ಲಿಂಗಾಯತ ಜಾತಿ ಹಾಗೂ ಉಪಜಾತಿಗಳ ಜನಾಂಗದವರಿಗೆ 2025-26ನೇ ಸಾಲಿನಲ್ಲಿ ಅನುಷ್ಠಾನಗೊಳಿಸುತ್ತಿರುವ ವಿವಿಧ ಯೋಜನೆಗಳ ಸೌಲಭ್ಯ ಪಡೆಯಲು ಅರ್ಜಿ ಆಹ್ವಾನಿಸಲಾಗಿದೆ. ಸ್ವಯಂ ಉದ್ಯೋಗ ಸಾಲ ಯೋಜನೆ, ಗಂಗಾ ಕಲ್ಯಾಣ ನೀರಾವರಿ ಯೋಜನೆ, ವಿದೇಶಿ ವಿದ್ಯಾಭ್ಯಾಸ ಸಾಲ ಯೋಜನೆ, ಅರಿವು ಶೈಕ್ಷಣಿಕ ಸಾಲ ಯೋಜನೆ, ಜೀವಜಲ ಯೋಜನೆಗಳಡಿ ಅರ್ಹ ಫಲಾನುಭವಿಗಳಿಂದ ಆನ್ ಲೈನ್ ಮೂಲಕ ಅರ್ಜಿ ಆಹ್ವಾನಿಸಲಾಗಿದೆ. ವಿದೇಶಿ ವಿದ್ಯಾಭ್ಯಾಸ ಯೋಜನೆಯಡಿ ಪ್ರತಿ ವಿದ್ಯಾರ್ಥಿಗೆ ರೂ.20 ಲಕ್ಷಗಳವರೆಗೆ ಸಾಲ ಸೌಲಭ್ಯ ನೀಡಲಾಗುವುದು. ಅರಿವು ಯೋಜನೆಯಡಿ ವೃತ್ತಿಪರ ಕೋರ್ಸ್ ವ್ಯಾಸಂಗ ಮಾಡುತ್ತಿರುವ ವಿದ್ಯಾರ್ಥಿಗಳಿಗೆ ವಾರ್ಷಿಕ ಶೇ.2 ಬಡ್ಡಿದರದಲ್ಲಿ ಗರಿಷ್ಠ ರೂ.1 ಲಕ್ಷ ಸಾಲ ನೀಡಲಾಗುತ್ತದೆ. ಸ್ವಯಂ ಉದ್ಯೋಗ ನೇರಸಾಲ ಯೋಜನೆಯಡಿ ಘಟಕ ವೆಚ್ಚ ರೂ.1 ಲಕ್ಷದವರೆಗೆ ಶೇ.20 ರಷ್ಟು ಸಹಾಯಧನ ಹಾಗೂ ಶೇ.4 ಬಡ್ಡಿದರದಲ್ಲಿ ಸಾಲ ನೀಡಲಾಗುವುದು. ಗಂಗಾ ಕಲ್ಯಾಣ ಯೋಜನೆಯಡಿ ವೈಯಕ್ತಿಕ ಕೊಳವೆಬಾವಿ ಕೊರೆಸಿ ಪಂಪ್ ಸೆಟ್ ಅಳವಡಿಸಿ ವಿದ್ಯುದೀಕರಣ ಮಾಡಲು ಘಟಕ ವೆಚ್ಚ ರೂ.3.75 ಲಕ್ಷ ನೀಡಲಾಗುವುದು. ಸಣ್ಣ ಮತ್ತು ಅತಿ ಸಣ್ಣ ರೈತರಾಗಿರಬೇಕು. ಕುಟುಂಬದ ವಾರ್ಷಿಕ ಆದಾಯ ಗ್ರಾಮಾಂತರ ಪ್ರದೇಶದವರಿಗೆ ರೂ.98,000 ಹಾಗೂ ನಗರ ಪ್ರದೇಶದವರಿಗೆ ರೂ.1,20,000 ಮಿತಿಯೊಳಗಿರಬೇಕು. ಅರ್ಜಿದಾರರು 18 ರಿಂದ 55 ವರ್ಷದೊಳಗಿನವರಾಗಿರಬೇಕು. ಆಧಾರ್ ಸಂಖ್ಯೆ ಜೋಡಣೆ ಮಾಡಿದ ಬ್ಯಾಂಕ್ ಖಾತೆ ಹೊಂದಿರಬೇಕು. ಅರ್ಜಿದಾರರು ನಿಗಮದ ವೆಬ್ ಸೈಟ್ https://kvldc.karnataka.gov.in ಮೂಲಕ ಆನ್ ಲೈನ್ ಅರ್ಜಿ ಸಲ್ಲಿಸಬಹುದು. ಸ್ಕಿಲ್ ಕನೆಕ್ಟ್ ವೆಬ್ ಸೈಟ್ https://www.kaushalkar.com/lhusa ಮೂಲಕ ನೋಂದಾಯಿಸಬೇಕು. ಹೆಚ್ಚಿನ ಮಾಹಿತಿಗಾಗಿ ಜಿಲ್ಲಾ ವ್ಯವಸ್ಥಾಪಕರ ಕಚೇರಿ ದೂ.ಸಂ. 080-22865522 ಮೊ. 9900012351 ಹಾಗೂ ದೂ: 08226-223587 ಸಂಪರ್ಕಿಸಬಹುದು. ಅರ್ಜಿ ಸಲ್ಲಿಸಲು ಕೊನೆಯ ದಿನಾಂಕ ಜೂನ್ 30 ಆಗಿರುತ್ತದೆ ಎಂದು ನಿಗಮದ ಜಿಲ್ಲಾ ವ್ಯವಸ್ಥಾಪಕರು ಪ್ರಕಟಣೆಯಲ್ಲಿ ತಿಳಿಸಿದ್ದಾರೆ. ಒಂದು ಬಾರಿ ನಿಗಮದ ಯಾವುದಾದರೂ ಯೋಜನೆಯಲ್ಲಿ ಸೌಲಭ್ಯ ಪಡೆದಿದ್ದಲ್ಲಿ ಮತ್ತೊಮ್ಮೆ ಅರ್ಹರಾಗುವುದಿಲ್ಲ. ಕುಟುಂಬದ ಸದಸ್ಯರು ಸರ್ಕಾರಿ ನೌಕರಿಯಲ್ಲಿರಬಾರದು.

ಕರ್ನಾಟಕ ವೀರಶೈವ ಲಿಂಗಾಯಿತ ಅಭಿವೃದ್ಧಿ ನಿಗಮವು ವೀರಶೈವ-ಲಿಂಗಾಯತ ಜಾತಿ ಹಾಗೂ ಉಪಜಾತಿಗಳ ಜನಾಂಗದವರಿಗೆ 2025-26ನೇ ಸಾಲಿನಲ್ಲಿ ಅನುಷ್ಠಾನಗೊಳಿಸುತ್ತಿರುವ ವಿವಿಧ ಯೋಜನೆಗಳ ಸೌಲಭ್ಯ ಪಡೆಯಲು ಅರ್ಜಿ ಆಹ್ವಾನಿಸಲಾಗಿದೆ. ಸ್ವಯಂ ಉದ್ಯೋಗ ಸಾಲ ಯೋಜನೆ, ಗಂಗಾ ಕಲ್ಯಾಣ ನೀರಾವರಿ ಯೋಜನೆ, ವಿದೇಶಿ ವಿದ್ಯಾಭ್ಯಾಸ ಸಾಲ ಯೋಜನೆ, ಅರಿವು ಶೈಕ್ಷಣಿಕ ಸಾಲ ಯೋಜನೆ, ಜೀವಜಲ ಯೋಜನೆಗಳಡಿ ಅರ್ಹ ಫಲಾನುಭವಿಗಳಿಂದ ಆನ್ ಲೈನ್ ಮೂಲಕ ಅರ್ಜಿ ಆಹ್ವಾನಿಸಲಾಗಿದೆ. ವಿದೇಶಿ ವಿದ್ಯಾಭ್ಯಾಸ ಯೋಜನೆಯಡಿ ಪ್ರತಿ ವಿದ್ಯಾರ್ಥಿಗೆ ರೂ.20 ಲಕ್ಷಗಳವರೆಗೆ ಸಾಲ ಸೌಲಭ್ಯ ನೀಡಲಾಗುವುದು. ಅರಿವು ಯೋಜನೆಯಡಿ ವೃತ್ತಿಪರ ಕೋರ್ಸ್ ವ್ಯಾಸಂಗ ಮಾಡುತ್ತಿರುವ ವಿದ್ಯಾರ್ಥಿಗಳಿಗೆ ವಾರ್ಷಿಕ ಶೇ.2 ಬಡ್ಡಿದರದಲ್ಲಿ ಗರಿಷ್ಠ ರೂ.1 ಲಕ್ಷ ಸಾಲ ನೀಡಲಾಗುತ್ತದೆ. ಸ್ವಯಂ ಉದ್ಯೋಗ ನೇರಸಾಲ ಯೋಜನೆಯಡಿ ಘಟಕ ವೆಚ್ಚ ರೂ.1 ಲಕ್ಷದವರೆಗೆ ಶೇ.20 ರಷ್ಟು ಸಹಾಯಧನ ಹಾಗೂ ಶೇ.4 ಬಡ್ಡಿದರದಲ್ಲಿ ಸಾಲ ನೀಡಲಾಗುವುದು. ಗಂಗಾ ಕಲ್ಯಾಣ ಯೋಜನೆಯಡಿ ವೈಯಕ್ತಿಕ ಕೊಳವೆಬಾವಿ ಕೊರೆಸಿ ಪಂಪ್ ಸೆಟ್ ಅಳವಡಿಸಿ ವಿದ್ಯುದೀಕರಣ ಮಾಡಲು ಘಟಕ ವೆಚ್ಚ ರೂ.3.75 ಲಕ್ಷ ನೀಡಲಾಗುವುದು. ಸಣ್ಣ ಮತ್ತು ಅತಿ ಸಣ್ಣ ರೈತರಾಗಿರಬೇಕು. ಕುಟುಂಬದ ವಾರ್ಷಿಕ ಆದಾಯ ಗ್ರಾಮಾಂತರ ಪ್ರದೇಶದವರಿಗೆ ರೂ.98,000 ಹಾಗೂ ನಗರ ಪ್ರದೇಶದವರಿಗೆ ರೂ.1,20,000 ಮಿತಿಯೊಳಗಿರಬೇಕು. ಅರ್ಜಿದಾರರು 18 ರಿಂದ 55 ವರ್ಷದೊಳಗಿನವರಾಗಿರಬೇಕು. ಆಧಾರ್ ಸಂಖ್ಯೆ ಜೋಡಣೆ ಮಾಡಿದ ಬ್ಯಾಂಕ್ ಖಾತೆ ಹೊಂದಿರಬೇಕು. ಅರ್ಜಿದಾರರು ನಿಗಮದ ವೆಬ್ ಸೈಟ್ https://kvldc.karnataka.gov.in ಮೂಲಕ ಆನ್ ಲೈನ್ ಅರ್ಜಿ ಸಲ್ಲಿಸಬಹುದು. ಸ್ಕಿಲ್ ಕನೆಕ್ಟ್ ವೆಬ್ ಸೈಟ್ https://www.kaushalkar.com/lhusa ಮೂಲಕ ನೋಂದಾಯಿಸಬೇಕು. ಹೆಚ್ಚಿನ ಮಾಹಿತಿಗಾಗಿ ಜಿಲ್ಲಾ ವ್ಯವಸ್ಥಾಪಕರ ಕಚೇರಿ ದೂ.ಸಂ. 080-22865522 ಮೊ. 9900012351 ಹಾಗೂ ದೂ: 08226-223587 ಸಂಪರ್ಕಿಸಬಹುದು. ಅರ್ಜಿ ಸಲ್ಲಿಸಲು ಕೊನೆಯ ದಿನಾಂಕ ಜೂನ್ 30 ಆಗಿರುತ್ತದೆ ಎಂದು ನಿಗಮದ ಜಿಲ್ಲಾ ವ್ಯವಸ್ಥಾಪಕರು ಪ್ರಕಟಣೆಯಲ್ಲಿ ತಿಳಿಸಿದ್ದಾರೆ. ಒಂದು ಬಾರಿ ನಿಗಮದ ಯಾವುದಾದರೂ ಯೋಜನೆಯಲ್ಲಿ ಸೌಲಭ್ಯ ಪಡೆದಿದ್ದಲ್ಲಿ ಮತ್ತೊಮ್ಮೆ ಅರ್ಹರಾಗುವುದಿಲ್ಲ. ಕುಟುಂಬದ ಸದಸ್ಯರು ಸರ್ಕಾರಿ ನೌಕರಿಯಲ್ಲಿರಬಾರದು.
